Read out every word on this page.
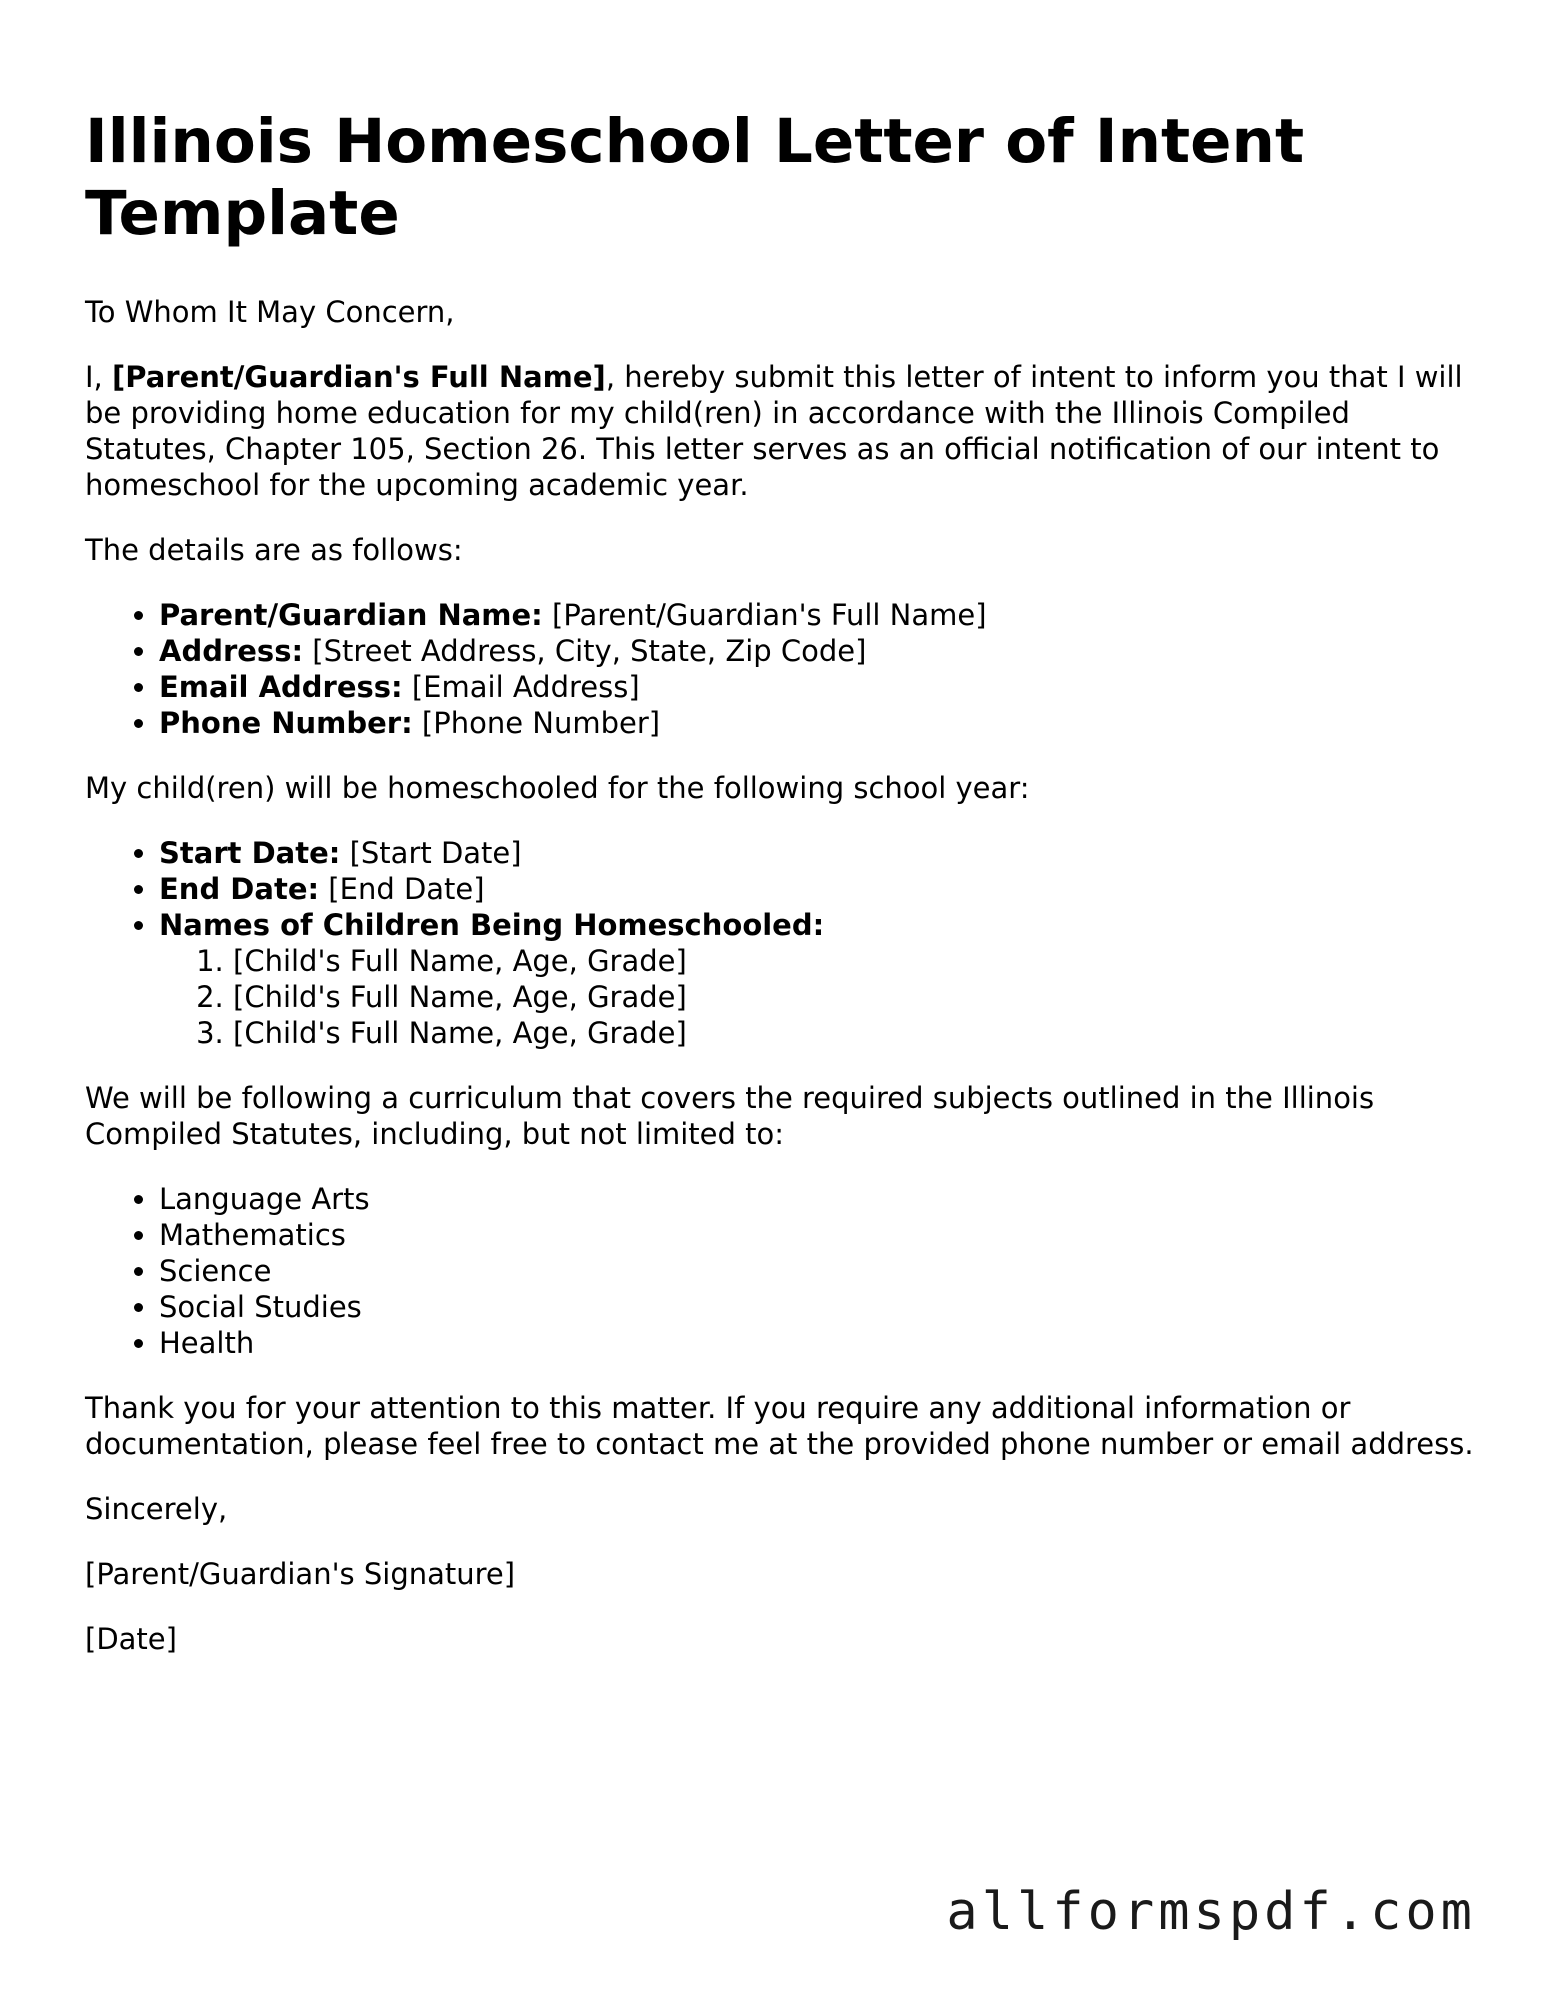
Illinois Homeschool Letter of Intent Template

To Whom It May Concern,

I, [Parent/Guardian's Full Name], hereby submit this letter of intent to inform you that I will be providing home education for my child(ren) in accordance with the Illinois Compiled Statutes, Chapter 105, Section 26. This letter serves as an official notification of our intent to homeschool for the upcoming academic year.

The details are as follows:

• Parent/Guardian Name: [Parent/Guardian's Full Name]
• Address: [Street Address, City, State, Zip Code]
• Email Address: [Email Address]
• Phone Number: [Phone Number]

My child(ren) will be homeschooled for the following school year:

• Start Date: [Start Date]
• End Date: [End Date]
• Names of Children Being Homeschooled:
1. [Child's Full Name, Age, Grade]
2. [Child's Full Name, Age, Grade]
3. [Child's Full Name, Age, Grade]

We will be following a curriculum that covers the required subjects outlined in the Illinois Compiled Statutes, including, but not limited to:

• Language Arts
• Mathematics
• Science
• Social Studies
• Health

Thank you for your attention to this matter. If you require any additional information or documentation, please feel free to contact me at the provided phone number or email address.

Sincerely,

[Parent/Guardian's Signature]

[Date]

allformspdf.com
